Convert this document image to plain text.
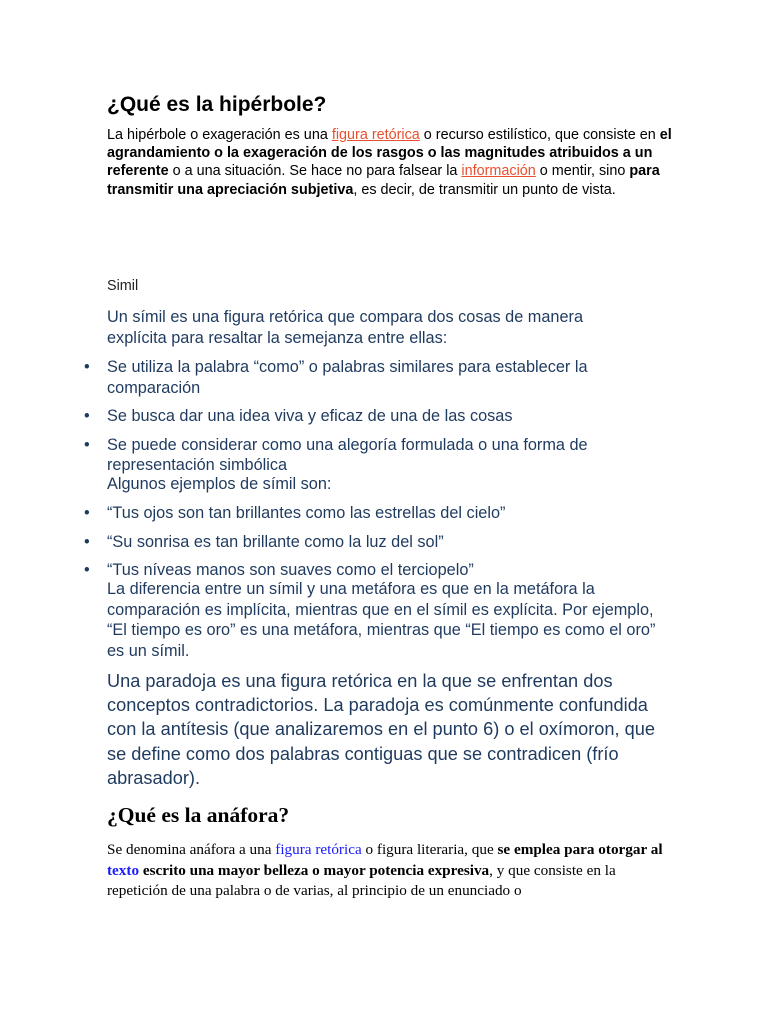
¿Qué es la hipérbole?

La hipérbole o exageración es una figura retórica o recurso estilístico, que consiste en el agrandamiento o la exageración de los rasgos o las magnitudes atribuidos a un referente o a una situación. Se hace no para falsear la información o mentir, sino para transmitir una apreciación subjetiva, es decir, de transmitir un punto de vista.

Simil

Un símil es una figura retórica que compara dos cosas de manera explícita para resaltar la semejanza entre ellas:

• Se utiliza la palabra “como” o palabras similares para establecer la comparación
• Se busca dar una idea viva y eficaz de una de las cosas
• Se puede considerar como una alegoría formulada o una forma de representación simbólica
Algunos ejemplos de símil son:
• “Tus ojos son tan brillantes como las estrellas del cielo”
• “Su sonrisa es tan brillante como la luz del sol”
• “Tus níveas manos son suaves como el terciopelo”

La diferencia entre un símil y una metáfora es que en la metáfora la comparación es implícita, mientras que en el símil es explícita. Por ejemplo, “El tiempo es oro” es una metáfora, mientras que “El tiempo es como el oro” es un símil.

Una paradoja es una figura retórica en la que se enfrentan dos conceptos contradictorios. La paradoja es comúnmente confundida con la antítesis (que analizaremos en el punto 6) o el oxímoron, que se define como dos palabras contiguas que se contradicen (frío abrasador).

¿Qué es la anáfora?

Se denomina anáfora a una figura retórica o figura literaria, que se emplea para otorgar al texto escrito una mayor belleza o mayor potencia expresiva, y que consiste en la repetición de una palabra o de varias, al principio de un enunciado o
